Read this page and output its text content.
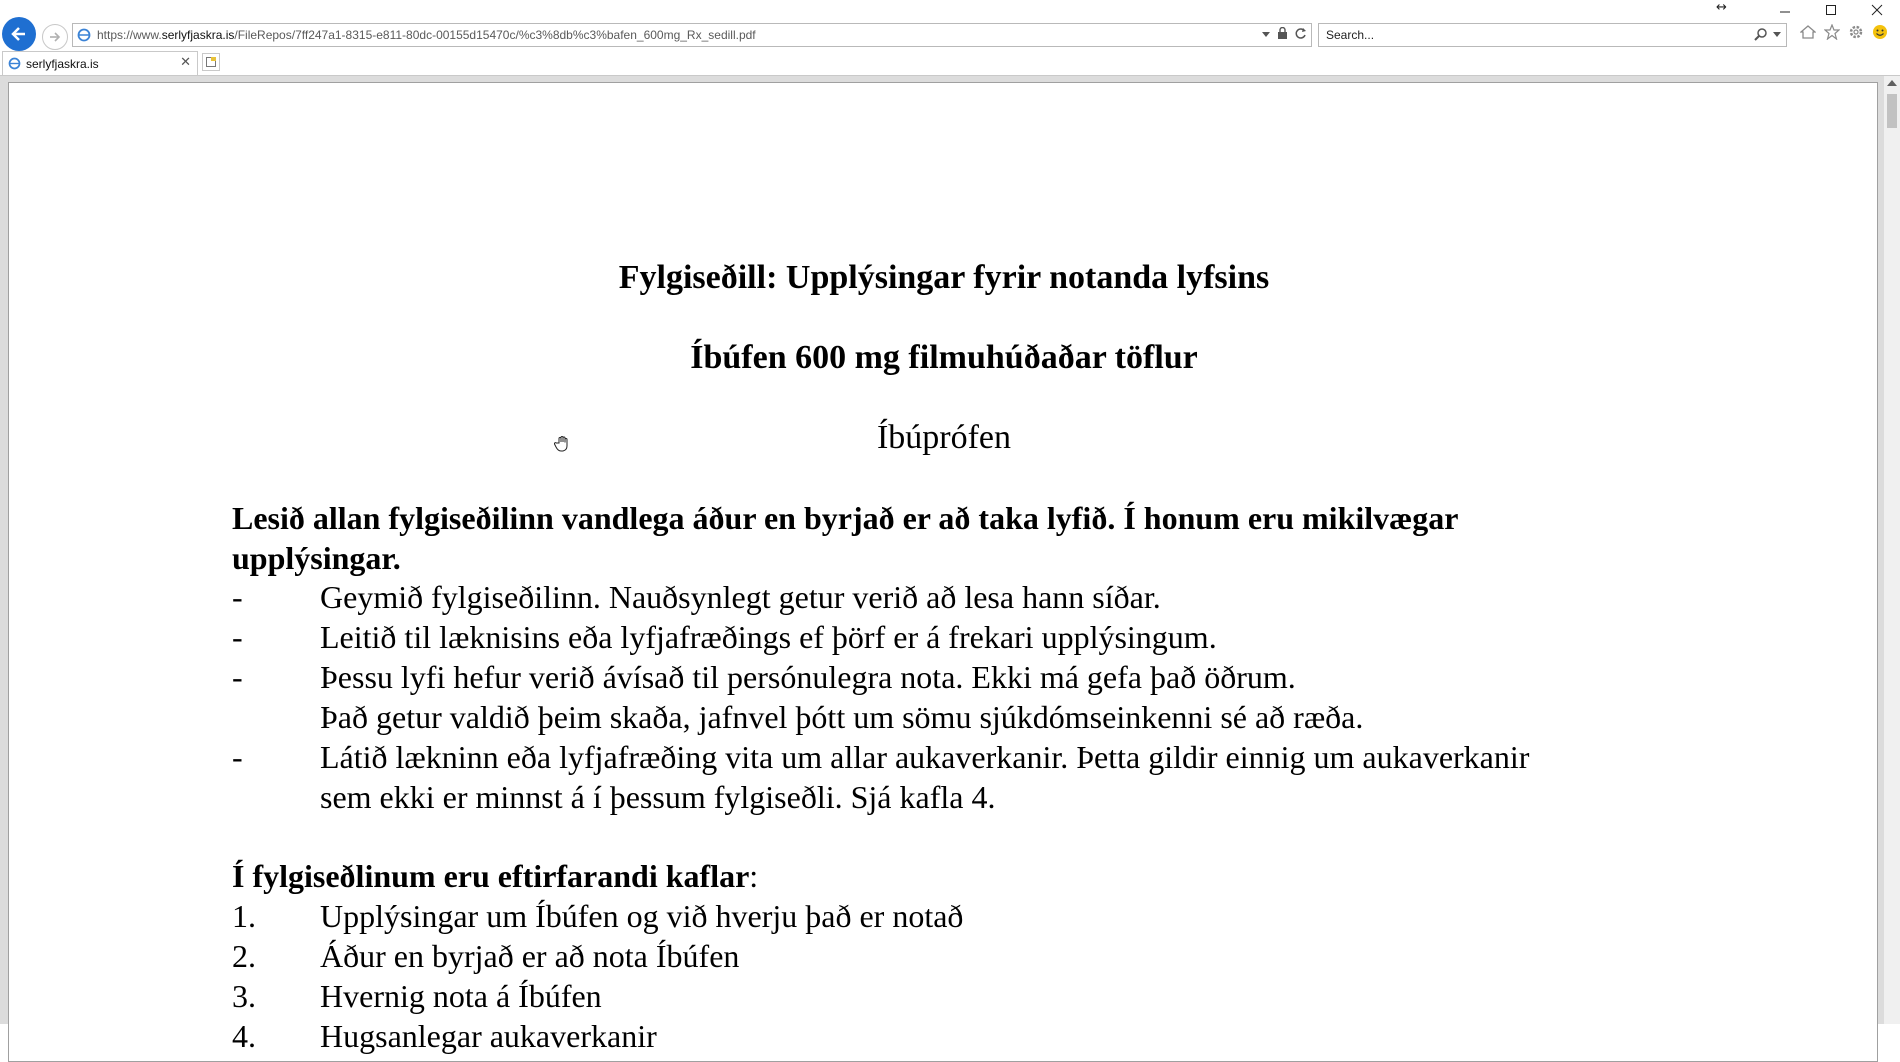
↔
https://www.serlyfjaskra.is/FileRepos/7ff247a1-8315-e811-80dc-00155d15470c/%c3%8db%c3%bafen_600mg_Rx_sedill.pdf	Search...
serlyfjaskra.is	✕
Fylgiseðill: Upplýsingar fyrir notanda lyfsins
Íbúfen 600 mg filmuhúðaðar töflur
Íbúprófen
Lesið allan fylgiseðilinn vandlega áður en byrjað er að taka lyfið. Í honum eru mikilvægar
upplýsingar.
- Geymið fylgiseðilinn. Nauðsynlegt getur verið að lesa hann síðar.
- Leitið til læknisins eða lyfjafræðings ef þörf er á frekari upplýsingum.
- Þessu lyfi hefur verið ávísað til persónulegra nota. Ekki má gefa það öðrum.
Það getur valdið þeim skaða, jafnvel þótt um sömu sjúkdómseinkenni sé að ræða.
- Látið lækninn eða lyfjafræðing vita um allar aukaverkanir. Þetta gildir einnig um aukaverkanir
sem ekki er minnst á í þessum fylgiseðli. Sjá kafla 4.
Í fylgiseðlinum eru eftirfarandi kaflar:
1. Upplýsingar um Íbúfen og við hverju það er notað
2. Áður en byrjað er að nota Íbúfen
3. Hvernig nota á Íbúfen
4. Hugsanlegar aukaverkanir
